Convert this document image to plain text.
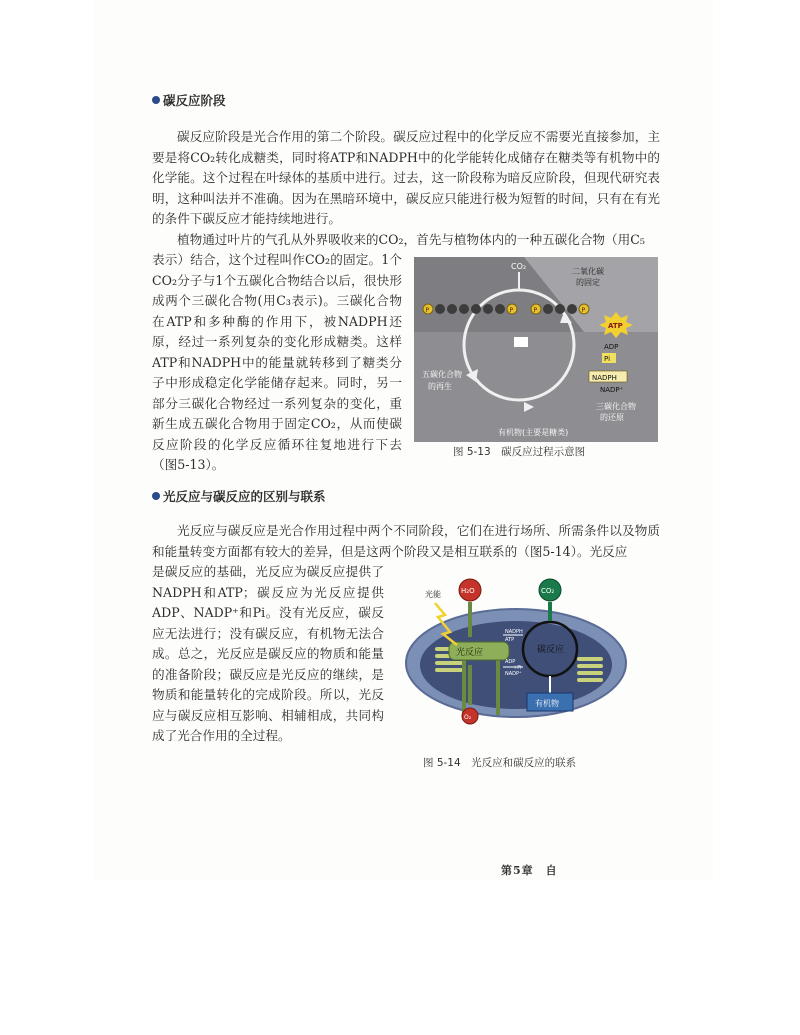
碳反应阶段
碳反应阶段是光合作用的第二个阶段。碳反应过程中的化学反应不需要光直接参加，主要是将CO₂转化成糖类，同时将ATP和NADPH中的化学能转化成储存在糖类等有机物中的化学能。这个过程在叶绿体的基质中进行。过去，这一阶段称为暗反应阶段，但现代研究表明，这种叫法并不准确。因为在黑暗环境中，碳反应只能进行极为短暂的时间，只有在有光的条件下碳反应才能持续地进行。
植物通过叶片的气孔从外界吸收来的CO₂，首先与植物体内的一种五碳化合物（用C₅
表示）结合，这个过程叫作CO₂的固定。1个CO₂分子与1个五碳化合物结合以后，很快形成两个三碳化合物(用C₃表示)。三碳化合物在ATP和多种酶的作用下，被NADPH还原，经过一系列复杂的变化形成糖类。这样ATP和NADPH中的能量就转移到了糖类分子中形成稳定化学能储存起来。同时，另一部分三碳化合物经过一系列复杂的变化，重新生成五碳化合物用于固定CO₂，从而使碳反应阶段的化学反应循环往复地进行下去（图5-13）。
CO₂
P	P	P	P
二氧化碳
的固定
ATP
ADP
Pi
NADPH
NADP⁺
五碳化合物
的再生
三碳化合物
的还原
有机物(主要是糖类)
图 5-13　碳反应过程示意图
光反应与碳反应的区别与联系
光反应与碳反应是光合作用过程中两个不同阶段，它们在进行场所、所需条件以及物质和能量转变方面都有较大的差异，但是这两个阶段又是相互联系的（图5-14）。光反应
是碳反应的基础，光反应为碳反应提供了NADPH和ATP；碳反应为光反应提供ADP、NADP⁺和Pi。没有光反应，碳反应无法进行；没有碳反应，有机物无法合成。总之，光反应是碳反应的物质和能量的准备阶段；碳反应是光反应的继续，是物质和能量转化的完成阶段。所以，光反应与碳反应相互影响、相辅相成，共同构成了光合作用的全过程。
光反应	碳反应
H₂O	CO₂
光能
NADPH
ATP
ADP
+Pi
NADP⁺
有机物
O₂
图 5-14　光反应和碳反应的联系
第5章　自
